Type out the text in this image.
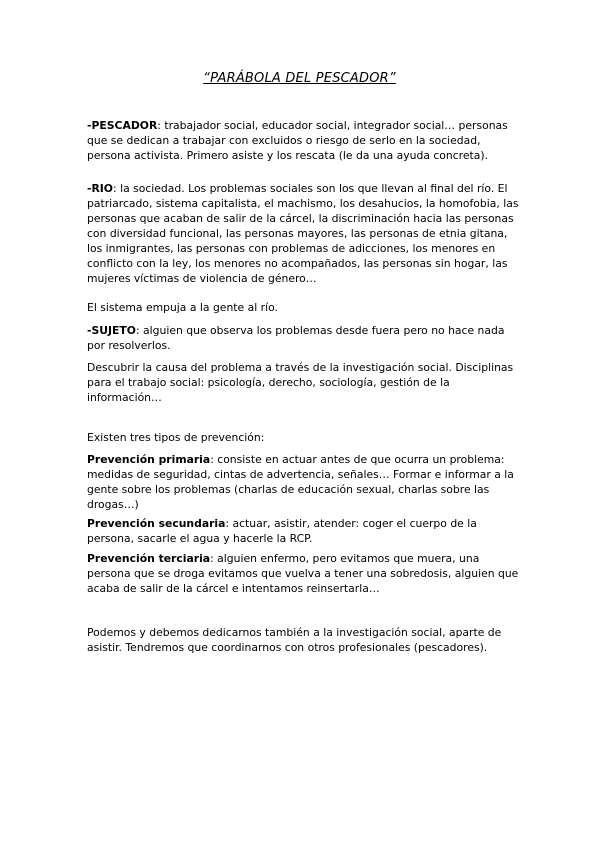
“PARÁBOLA DEL PESCADOR”

-PESCADOR: trabajador social, educador social, integrador social… personas que se dedican a trabajar con excluidos o riesgo de serlo en la sociedad, persona activista. Primero asiste y los rescata (le da una ayuda concreta).

-RIO: la sociedad. Los problemas sociales son los que llevan al final del río. El patriarcado, sistema capitalista, el machismo, los desahucios, la homofobia, las personas que acaban de salir de la cárcel, la discriminación hacia las personas con diversidad funcional, las personas mayores, las personas de etnia gitana, los inmigrantes, las personas con problemas de adicciones, los menores en conflicto con la ley, los menores no acompañados, las personas sin hogar, las mujeres víctimas de violencia de género…

El sistema empuja a la gente al río.

-SUJETO: alguien que observa los problemas desde fuera pero no hace nada por resolverlos.

Descubrir la causa del problema a través de la investigación social. Disciplinas para el trabajo social: psicología, derecho, sociología, gestión de la información…

Existen tres tipos de prevención:

Prevención primaria: consiste en actuar antes de que ocurra un problema: medidas de seguridad, cintas de advertencia, señales… Formar e informar a la gente sobre los problemas (charlas de educación sexual, charlas sobre las drogas…)

Prevención secundaria: actuar, asistir, atender: coger el cuerpo de la persona, sacarle el agua y hacerle la RCP.

Prevención terciaria: alguien enfermo, pero evitamos que muera, una persona que se droga evitamos que vuelva a tener una sobredosis, alguien que acaba de salir de la cárcel e intentamos reinsertarla…

Podemos y debemos dedicarnos también a la investigación social, aparte de asistir. Tendremos que coordinarnos con otros profesionales (pescadores).
